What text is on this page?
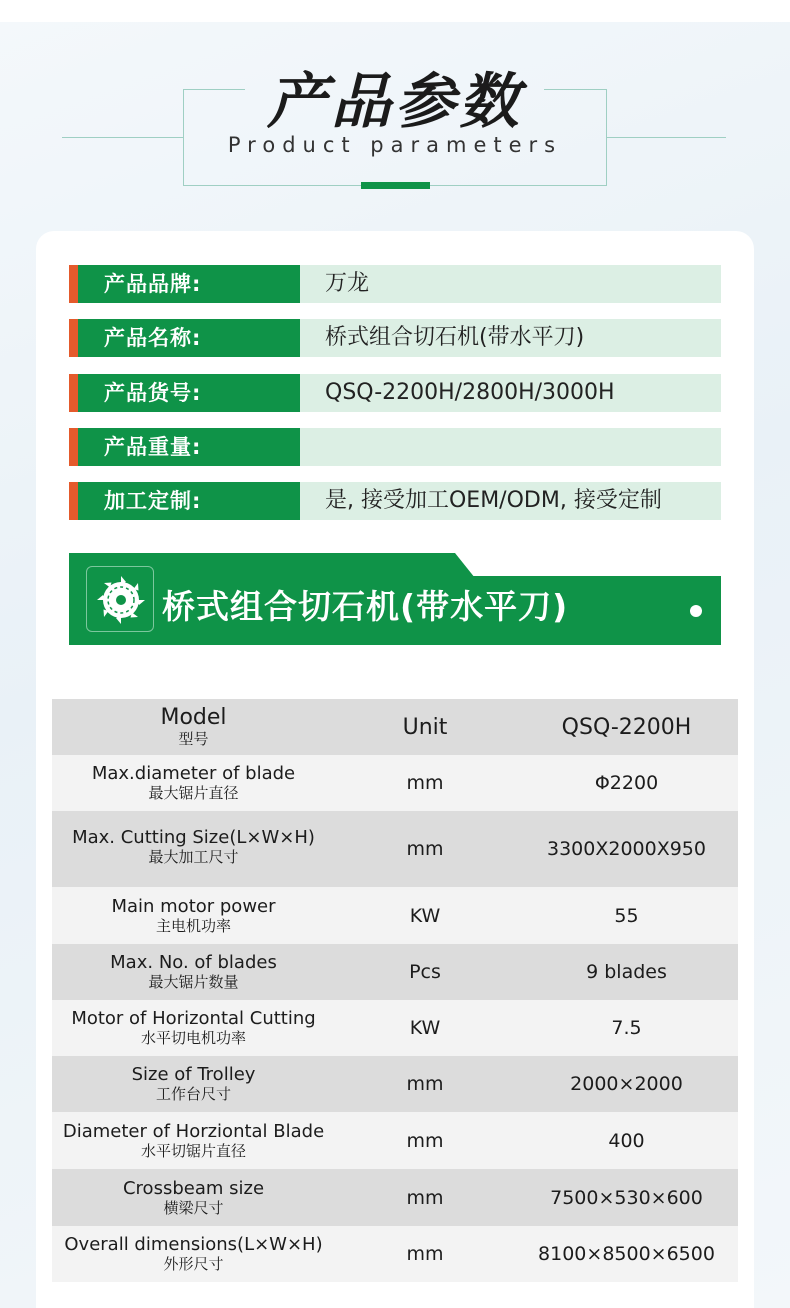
产品参数
Product parameters
产品品牌:	万龙
产品名称:	桥式组合切石机(带水平刀)
产品货号:	QSQ-2200H/2800H/3000H
产品重量:
加工定制:	是, 接受加工OEM/ODM, 接受定制
桥式组合切石机(带水平刀)
Model
型号	Unit	QSQ-2200H
Max.diameter of blade
最大锯片直径	mm	Φ2200
Max. Cutting Size(L×W×H)
最大加工尺寸	mm	3300X2000X950
Main motor power
主电机功率	KW	55
Max. No. of blades
最大锯片数量	Pcs	9 blades
Motor of Horizontal Cutting
水平切电机功率	KW	7.5
Size of Trolley
工作台尺寸	mm	2000×2000
Diameter of Horziontal Blade
水平切锯片直径	mm	400
Crossbeam size
横梁尺寸	mm	7500×530×600
Overall dimensions(L×W×H)
外形尺寸	mm	8100×8500×6500
